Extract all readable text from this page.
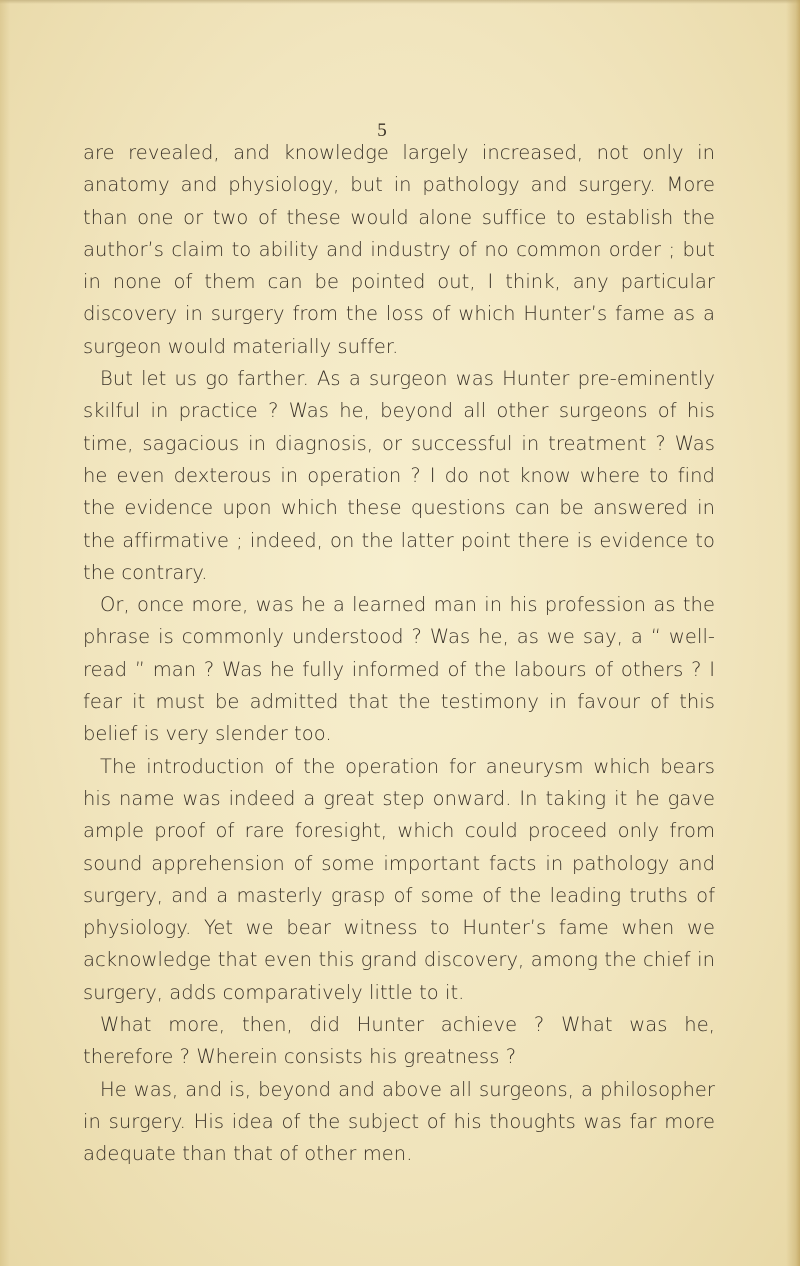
5

are revealed, and knowledge largely increased, not only in anatomy and physiology, but in pathology and surgery. More than one or two of these would alone suffice to establish the author’s claim to ability and industry of no common order ; but in none of them can be pointed out, I think, any particular discovery in surgery from the loss of which Hunter’s fame as a surgeon would materially suffer.

But let us go farther. As a surgeon was Hunter pre-eminently skilful in practice ? Was he, beyond all other surgeons of his time, sagacious in diagnosis, or successful in treatment ? Was he even dexterous in operation ? I do not know where to find the evidence upon which these questions can be answered in the affirmative ; indeed, on the latter point there is evidence to the contrary.

Or, once more, was he a learned man in his profession as the phrase is commonly understood ? Was he, as we say, a “ well-read ” man ? Was he fully informed of the labours of others ? I fear it must be admitted that the testimony in favour of this belief is very slender too.

The introduction of the operation for aneurysm which bears his name was indeed a great step onward. In taking it he gave ample proof of rare foresight, which could proceed only from sound apprehension of some important facts in pathology and surgery, and a masterly grasp of some of the leading truths of physiology. Yet we bear witness to Hunter’s fame when we acknowledge that even this grand discovery, among the chief in surgery, adds comparatively little to it.

What more, then, did Hunter achieve ? What was he, therefore ? Wherein consists his greatness ?

He was, and is, beyond and above all surgeons, a philosopher in surgery. His idea of the subject of his thoughts was far more adequate than that of other men.
